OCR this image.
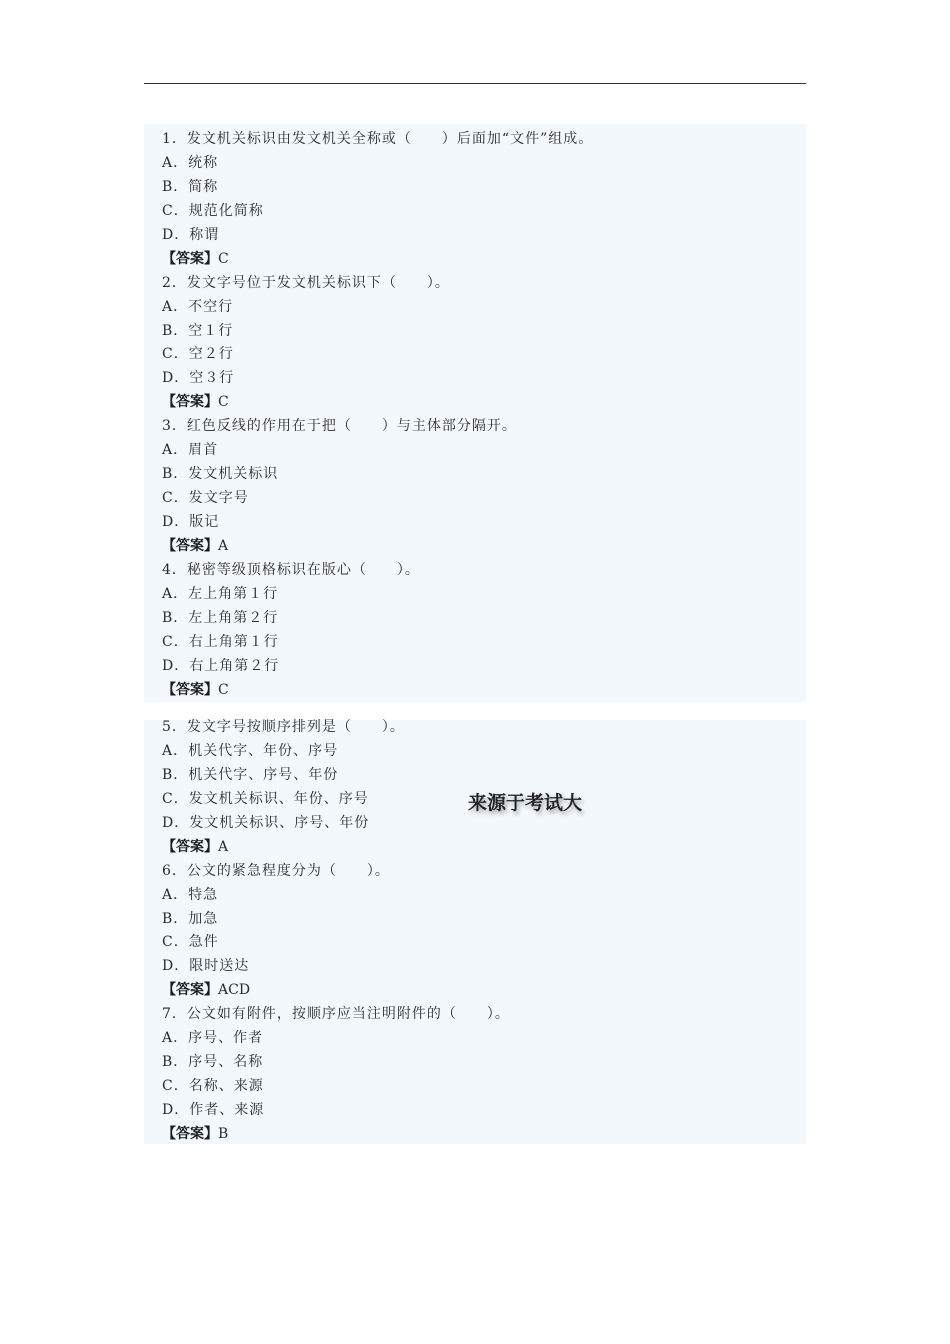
1．发文机关标识由发文机关全称或（　　）后面加“文件”组成。
A．统称
B．简称
C．规范化简称
D．称谓
【答案】C
2．发文字号位于发文机关标识下（　　）。
A．不空行
B．空１行
C．空２行
D．空３行
【答案】C
3．红色反线的作用在于把（　　）与主体部分隔开。
A．眉首
B．发文机关标识
C．发文字号
D．版记
【答案】A
4．秘密等级顶格标识在版心（　　）。
A．左上角第１行
B．左上角第２行
C．右上角第１行
D．右上角第２行
【答案】C
5．发文字号按顺序排列是（　　）。
A．机关代字、年份、序号
B．机关代字、序号、年份
C．发文机关标识、年份、序号
D．发文机关标识、序号、年份
【答案】A
6．公文的紧急程度分为（　　）。
A．特急
B．加急
C．急件
D．限时送达
【答案】ACD
7．公文如有附件，按顺序应当注明附件的（　　）。
A．序号、作者
B．序号、名称
C．名称、来源
D．作者、来源
【答案】B
来源于考试大
